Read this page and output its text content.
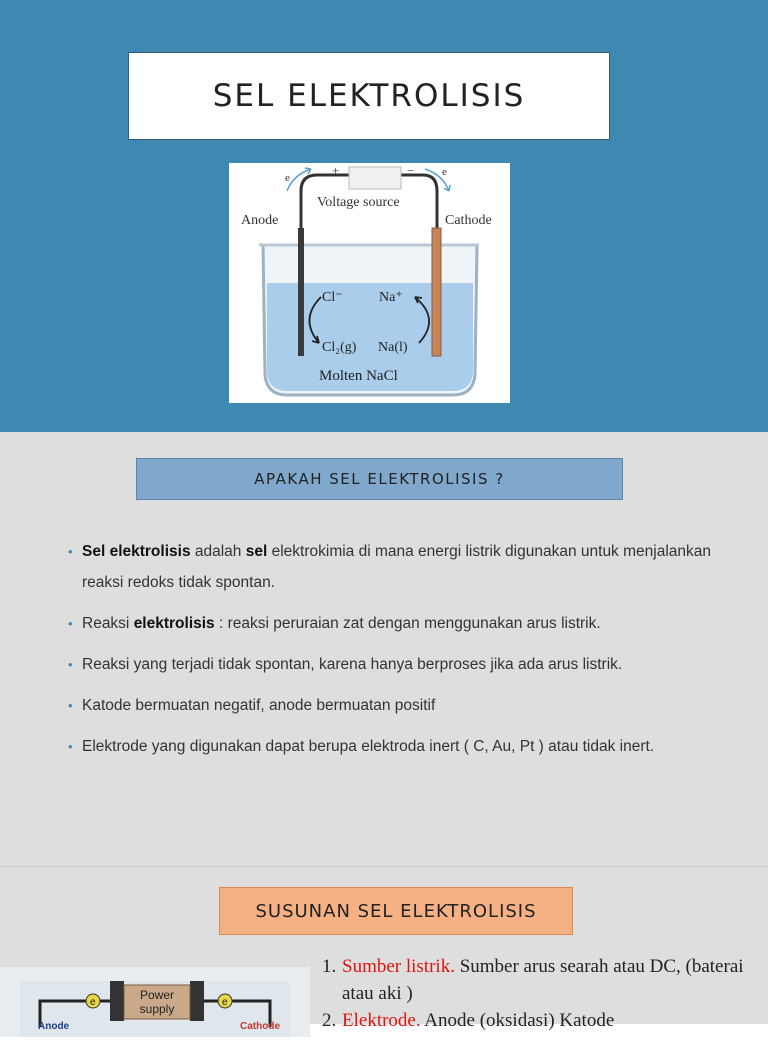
SEL ELEKTROLISIS
e	e
+	−
Voltage source
Anode	Cathode
Cl⁻	Na⁺
Cl₂(g) Na(l)
Molten NaCl
APAKAH SEL ELEKTROLISIS ?
• Sel elektrolisis adalah sel elektrokimia di mana energi listrik digunakan untuk menjalankan reaksi redoks tidak spontan.
• Reaksi elektrolisis : reaksi peruraian zat dengan menggunakan arus listrik.
• Reaksi yang terjadi tidak spontan, karena hanya berproses jika ada arus listrik.
• Katode bermuatan negatif, anode bermuatan positif
• Elektrode yang digunakan dapat berupa elektroda inert ( C, Au, Pt ) atau tidak inert.
SUSUNAN SEL ELEKTROLISIS
Power
supply
e	e
Anode	Cathode
1. Sumber listrik. Sumber arus searah atau DC, (baterai atau aki )
2. Elektrode. Anode (oksidasi) Katode
